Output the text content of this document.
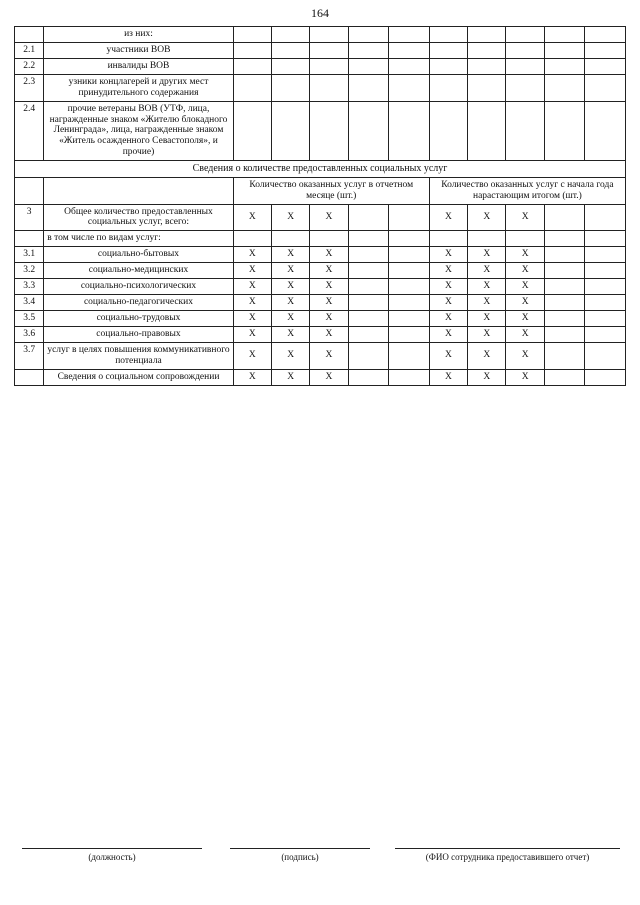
164
	из них:										
2.1	участники ВОВ										
2.2	инвалиды ВОВ										
2.3	узники концлагерей и других мест принудительного содержания										
2.4	прочие ветераны ВОВ (УТФ, лица, награжденные знаком «Жителю блокадного Ленинграда», лица, награжденные знаком «Житель осажденного Севастополя», и прочие)										
Сведения о количестве предоставленных социальных услуг											
		Количество оказанных услуг в отчетном месяце (шт.)					Количество оказанных услуг с начала года нарастающим итогом (шт.)				
3	Общее количество предоставленных социальных услуг, всего:	X	X	X			X	X	X		
	в том числе по видам услуг:										
3.1	социально-бытовых	X	X	X			X	X	X		
3.2	социально-медицинских	X	X	X			X	X	X		
3.3	социально-психологических	X	X	X			X	X	X		
3.4	социально-педагогических	X	X	X			X	X	X		
3.5	социально-трудовых	X	X	X			X	X	X		
3.6	социально-правовых	X	X	X			X	X	X		
3.7	услуг в целях повышения коммуникативного потенциала	X	X	X			X	X	X		
	Сведения о социальном сопровождении	X	X	X			X	X	X		
(должность)	(подпись)	(ФИО сотрудника предоставившего отчет)
